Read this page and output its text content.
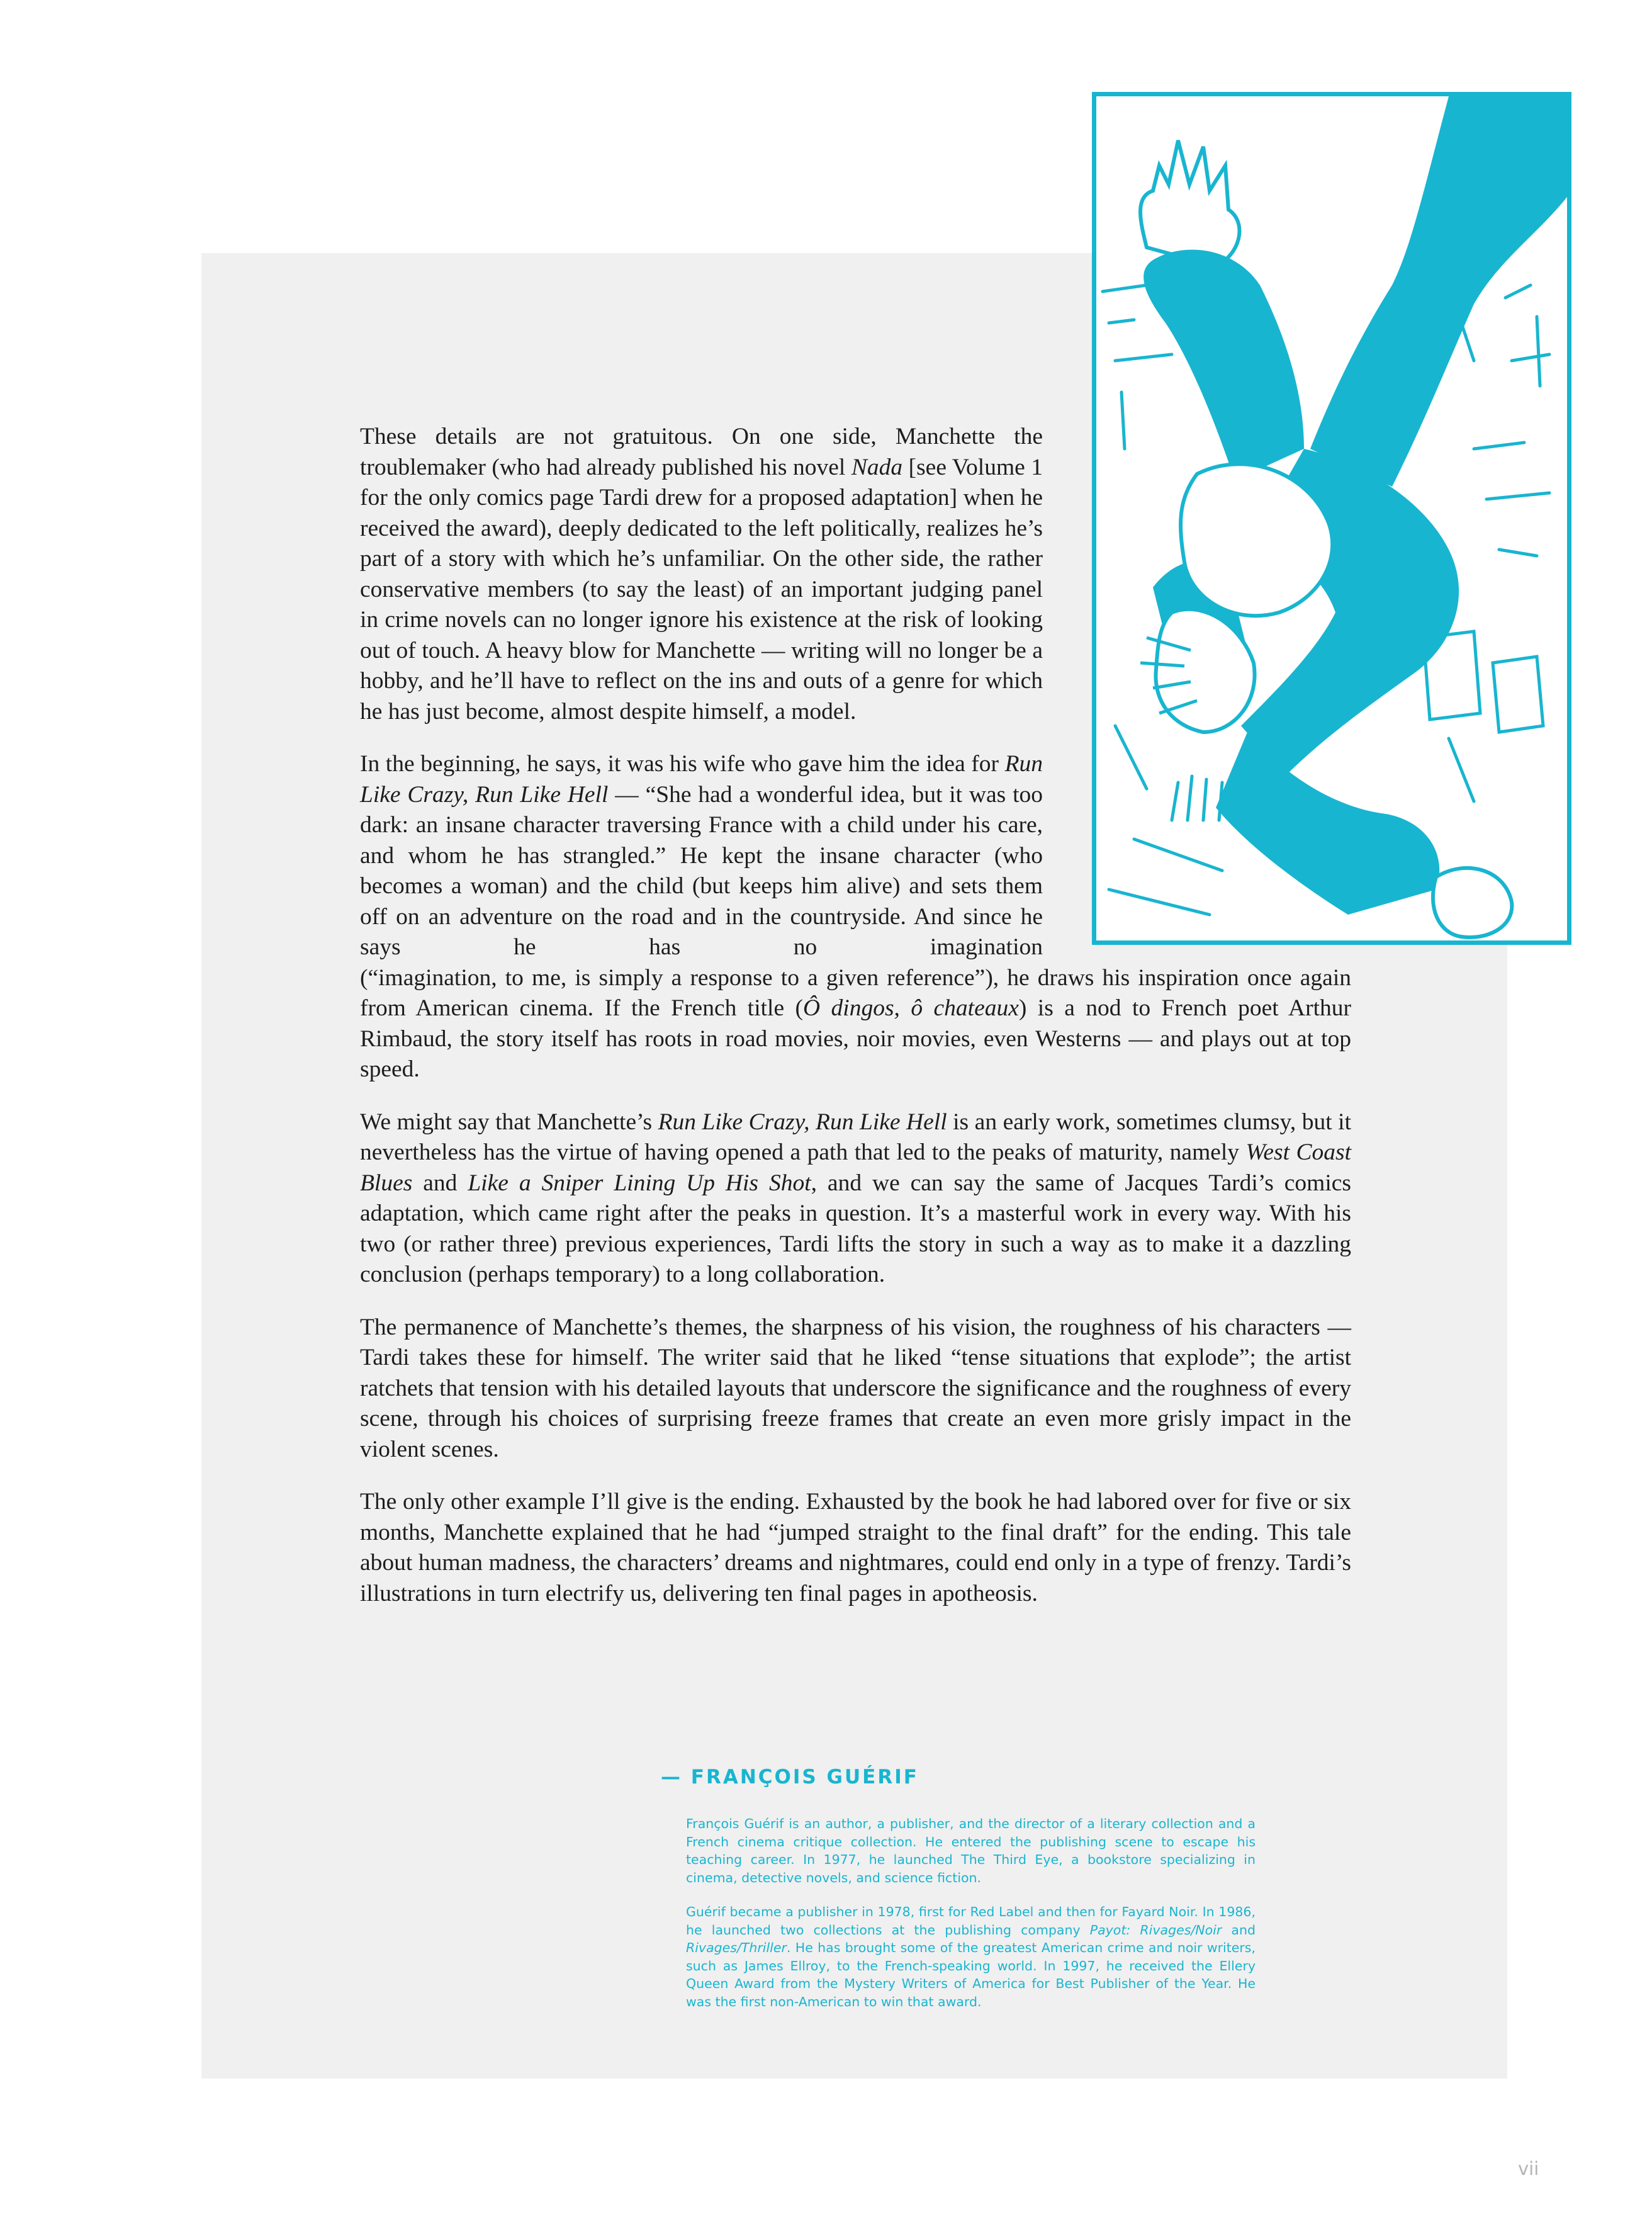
These details are not gratuitous. On one side, Manchette the troublemaker (who had already published his novel Nada [see Volume 1 for the only comics page Tardi drew for a proposed adaptation] when he received the award), deeply dedicated to the left politically, realizes he’s part of a story with which he’s unfamiliar. On the other side, the rather conservative members (to say the least) of an important judging panel in crime novels can no longer ignore his existence at the risk of looking out of touch. A heavy blow for Manchette — writing will no longer be a hobby, and he’ll have to reflect on the ins and outs of a genre for which he has just become, almost despite himself, a model.

In the beginning, he says, it was his wife who gave him the idea for Run Like Crazy, Run Like Hell — “She had a wonderful idea, but it was too dark: an insane character traversing France with a child under his care, and whom he has strangled.” He kept the insane character (who becomes a woman) and the child (but keeps him alive) and sets them off on an adventure on the road and in the countryside. And since he says he has no imagination
(“imagination, to me, is simply a response to a given reference”), he draws his inspiration once again from American cinema. If the French title (Ô dingos, ô chateaux) is a nod to French poet Arthur Rimbaud, the story itself has roots in road movies, noir movies, even Westerns — and plays out at top speed.

We might say that Manchette’s Run Like Crazy, Run Like Hell is an early work, sometimes clumsy, but it nevertheless has the virtue of having opened a path that led to the peaks of maturity, namely West Coast Blues and Like a Sniper Lining Up His Shot, and we can say the same of Jacques Tardi’s comics adaptation, which came right after the peaks in question. It’s a masterful work in every way. With his two (or rather three) previous experiences, Tardi lifts the story in such a way as to make it a dazzling conclusion (perhaps temporary) to a long collaboration.

The permanence of Manchette’s themes, the sharpness of his vision, the roughness of his characters — Tardi takes these for himself. The writer said that he liked “tense situations that explode”; the artist ratchets that tension with his detailed layouts that underscore the significance and the roughness of every scene, through his choices of surprising freeze frames that create an even more grisly impact in the violent scenes.

The only other example I’ll give is the ending. Exhausted by the book he had labored over for five or six months, Manchette explained that he had “jumped straight to the final draft” for the ending. This tale about human madness, the characters’ dreams and nightmares, could end only in a type of frenzy. Tardi’s illustrations in turn electrify us, delivering ten final pages in apotheosis.

— FRANÇOIS GUÉRIF

François Guérif is an author, a publisher, and the director of a literary collection and a French cinema critique collection. He entered the publishing scene to escape his teaching career. In 1977, he launched The Third Eye, a bookstore specializing in cinema, detective novels, and science fiction.

Guérif became a publisher in 1978, first for Red Label and then for Fayard Noir. In 1986, he launched two collections at the publishing company Payot: Rivages/Noir and Rivages/Thriller. He has brought some of the greatest American crime and noir writers, such as James Ellroy, to the French-speaking world. In 1997, he received the Ellery Queen Award from the Mystery Writers of America for Best Publisher of the Year. He was the first non-American to win that award.

vii
